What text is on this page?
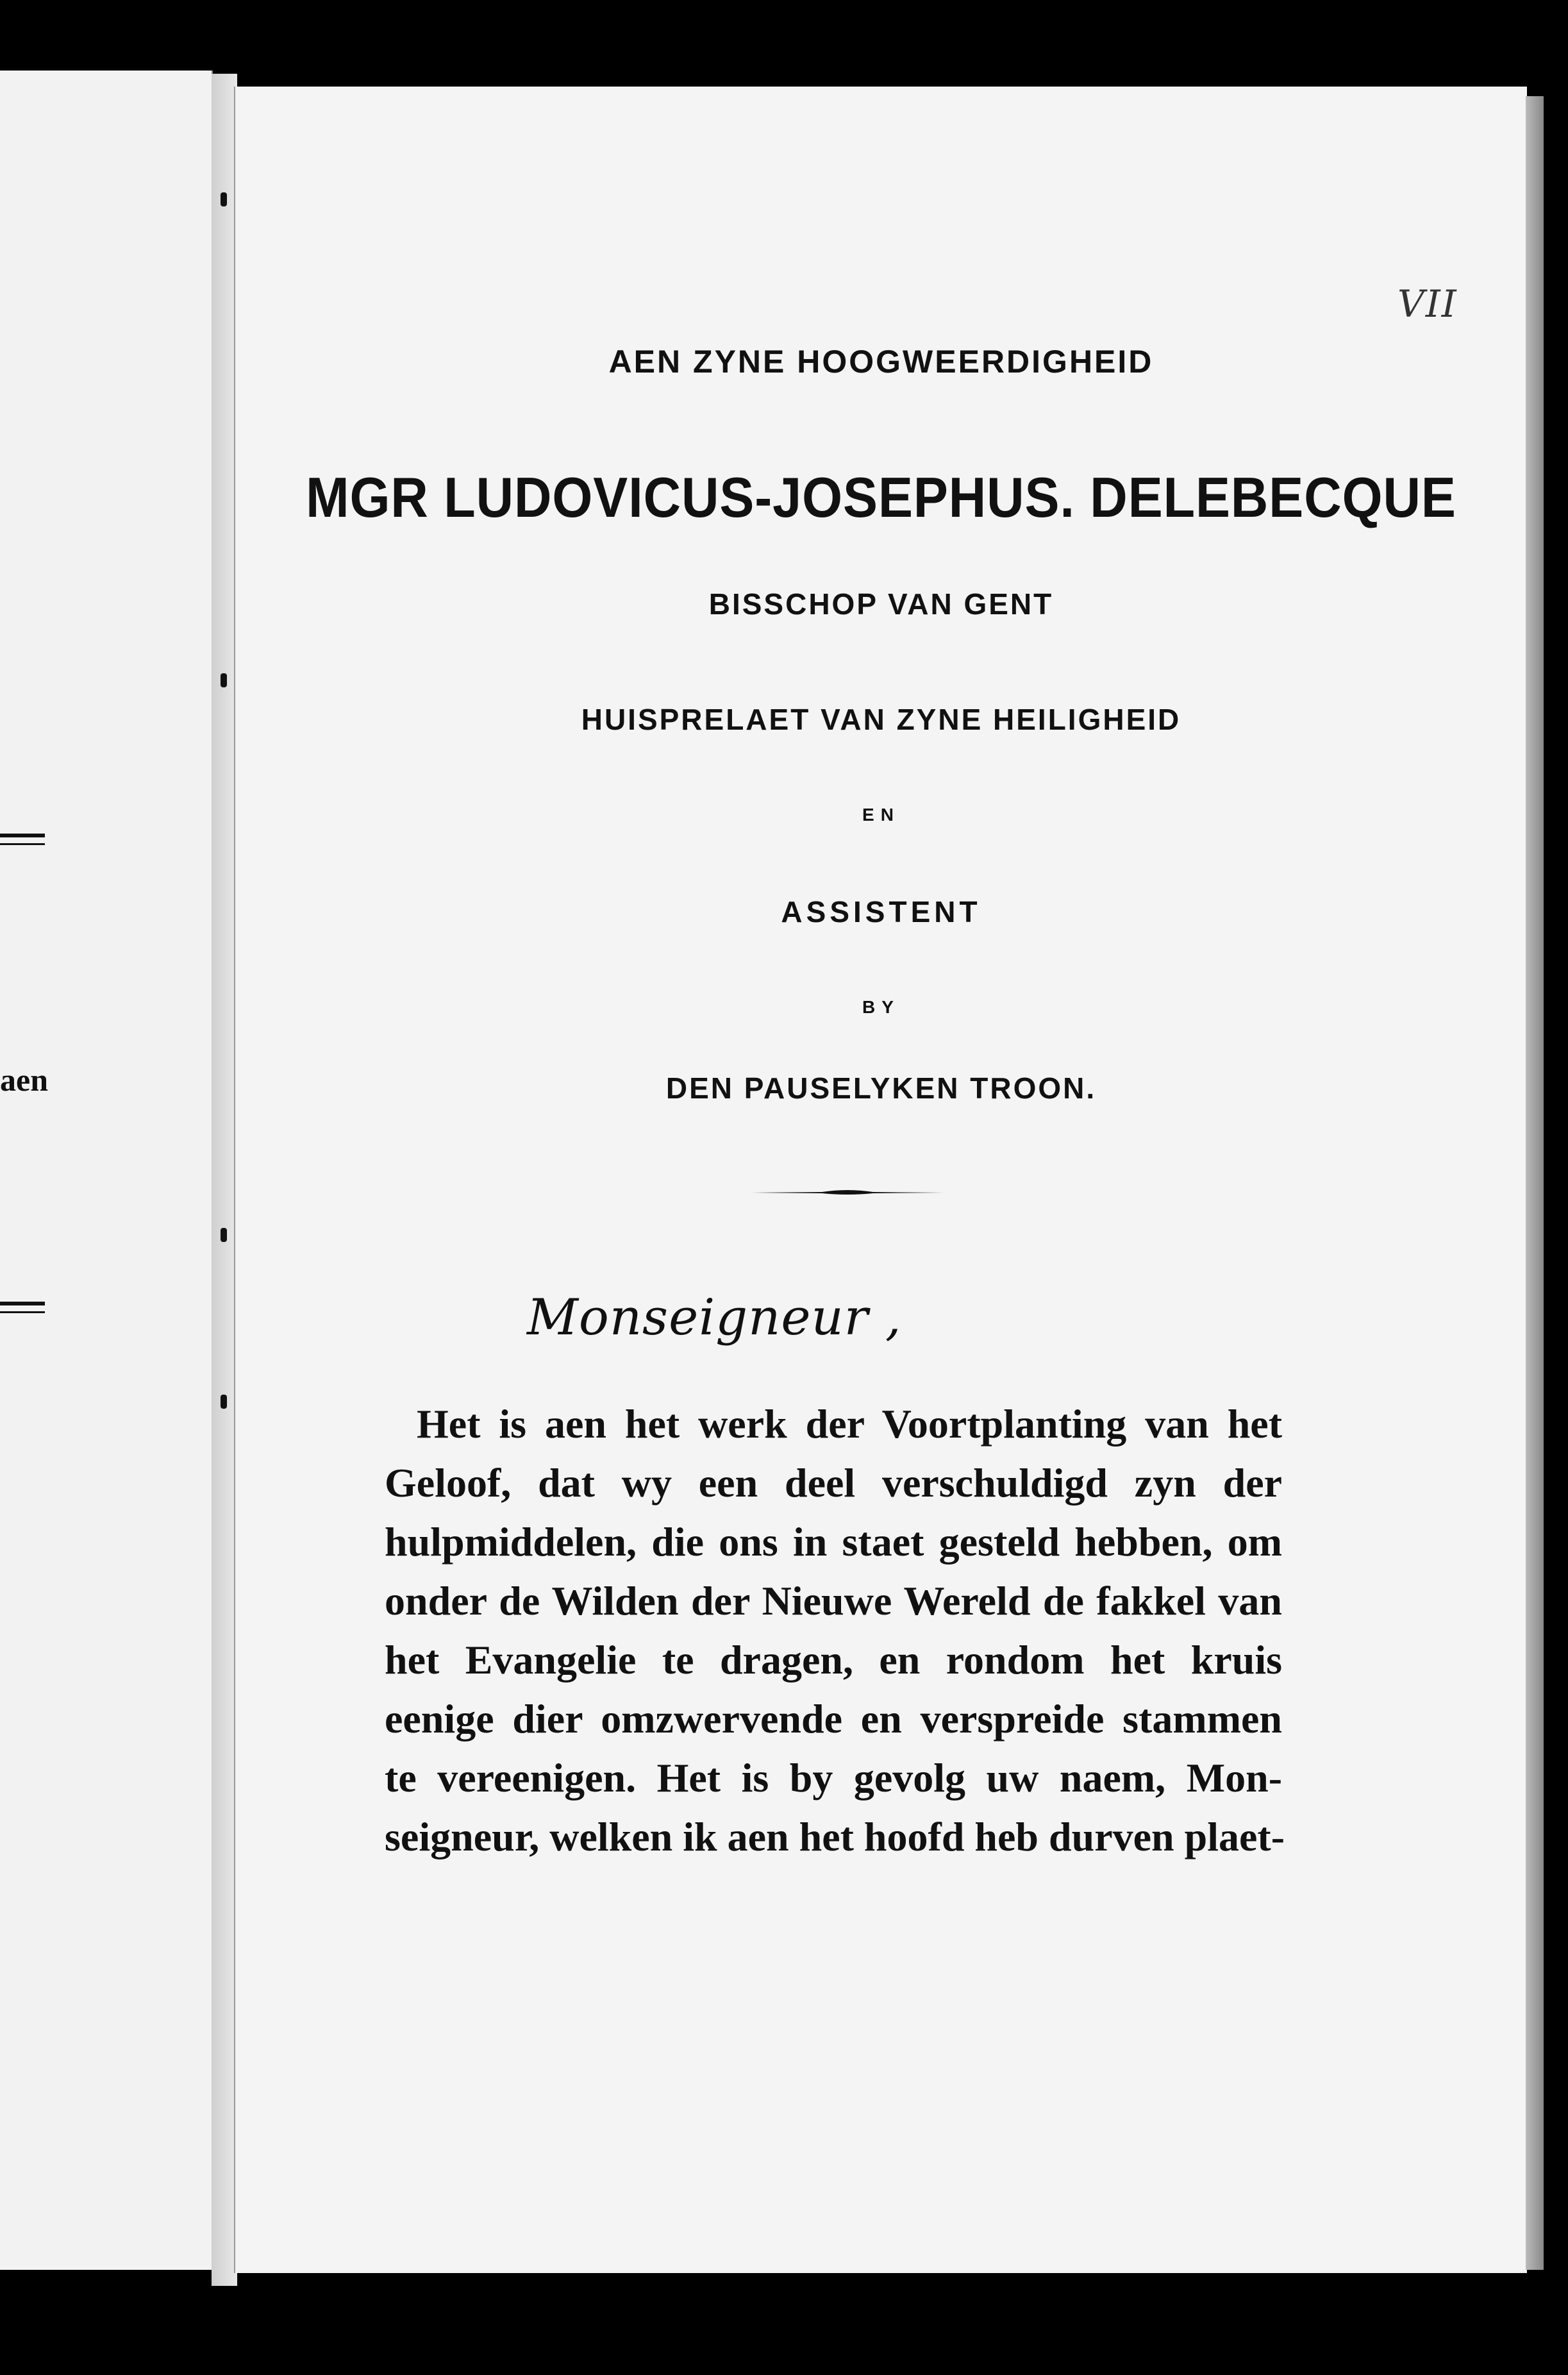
aen
AEN ZYNE HOOGWEERDIGHEID
MGR LUDOVICUS-JOSEPHUS. DELEBECQUE
BISSCHOP VAN GENT
HUISPRELAET VAN ZYNE HEILIGHEID
EN
ASSISTENT
BY
DEN PAUSELYKEN TROON.
Monseigneur ,
Het is aen het werk der Voortplanting van het
Geloof, dat wy een deel verschuldigd zyn der
hulpmiddelen, die ons in staet gesteld hebben, om
onder de Wilden der Nieuwe Wereld de fakkel van
het Evangelie te dragen, en rondom het kruis
eenige dier omzwervende en verspreide stammen
te vereenigen. Het is by gevolg uw naem, Mon-
seigneur, welken ik aen het hoofd heb durven plaet-
VII
